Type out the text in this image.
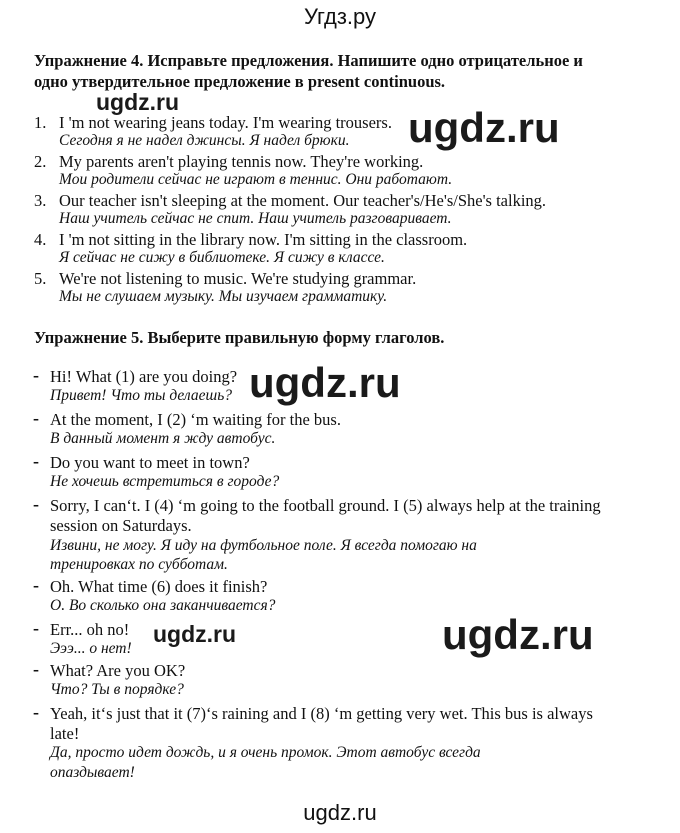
Угдз.ру
Упражнение 4. Исправьте предложения. Напишите одно отрицательное и
одно утвердительное предложение в present continuous.
1. I 'm not wearing jeans today. I'm wearing trousers.
Сегодня я не надел джинсы. Я надел брюки.
2. My parents aren't playing tennis now. They're working.
Мои родители сейчас не играют в теннис. Они работают.
3. Our teacher isn't sleeping at the moment. Our teacher's/He's/She's talking.
Наш учитель сейчас не спит. Наш учитель разговаривает.
4. I 'm not sitting in the library now. I'm sitting in the classroom.
Я сейчас не сижу в библиотеке. Я сижу в классе.
5. We're not listening to music. We're studying grammar.
Мы не слушаем музыку. Мы изучаем грамматику.
Упражнение 5. Выберите правильную форму глаголов.
- Hi! What (1) are you doing?
Привет! Что ты делаешь?
- At the moment, I (2) ‘m waiting for the bus.
В данный момент я жду автобус.
- Do you want to meet in town?
Не хочешь встретиться в городе?
- Sorry, I can‘t. I (4) ‘m going to the football ground. I (5) always help at the training
session on Saturdays.
Извини, не могу. Я иду на футбольное поле. Я всегда помогаю на
тренировках по субботам.
- Oh. What time (6) does it finish?
О. Во сколько она заканчивается?
- Err... oh no!
Эээ... о нет!
- What? Are you OK?
Что? Ты в порядке?
- Yeah, it‘s just that it (7)‘s raining and I (8) ‘m getting very wet. This bus is always
late!
Да, просто идет дождь, и я очень промок. Этот автобус всегда
опаздывает!
ugdz.ru
ugdz.ru
ugdz.ru
ugdz.ru	ugdz.ru
ugdz.ru
